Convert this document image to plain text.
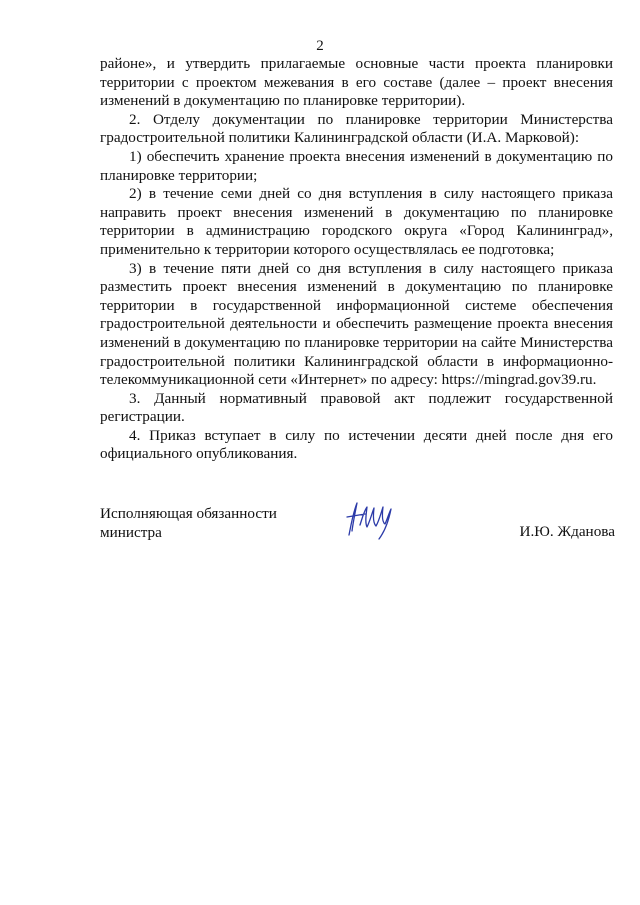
2

районе», и утвердить прилагаемые основные части проекта планировки территории с проектом межевания в его составе (далее – проект внесения изменений в документацию по планировке территории).

2. Отделу документации по планировке территории Министерства градостроительной политики Калининградской области (И.А. Марковой):

1) обеспечить хранение проекта внесения изменений в документацию по планировке территории;

2) в течение семи дней со дня вступления в силу настоящего приказа направить проект внесения изменений в документацию по планировке территории в администрацию городского округа «Город Калининград», применительно к территории которого осуществлялась ее подготовка;

3) в течение пяти дней со дня вступления в силу настоящего приказа разместить проект внесения изменений в документацию по планировке территории в государственной информационной системе обеспечения градостроительной деятельности и обеспечить размещение проекта внесения изменений в документацию по планировке территории на сайте Министерства градостроительной политики Калининградской области в информационно-телекоммуникационной сети «Интернет» по адресу: https://mingrad.gov39.ru.

3. Данный нормативный правовой акт подлежит государственной регистрации.

4. Приказ вступает в силу по истечении десяти дней после дня его официального опубликования.

Исполняющая обязанности
министра	И.Ю. Жданова
